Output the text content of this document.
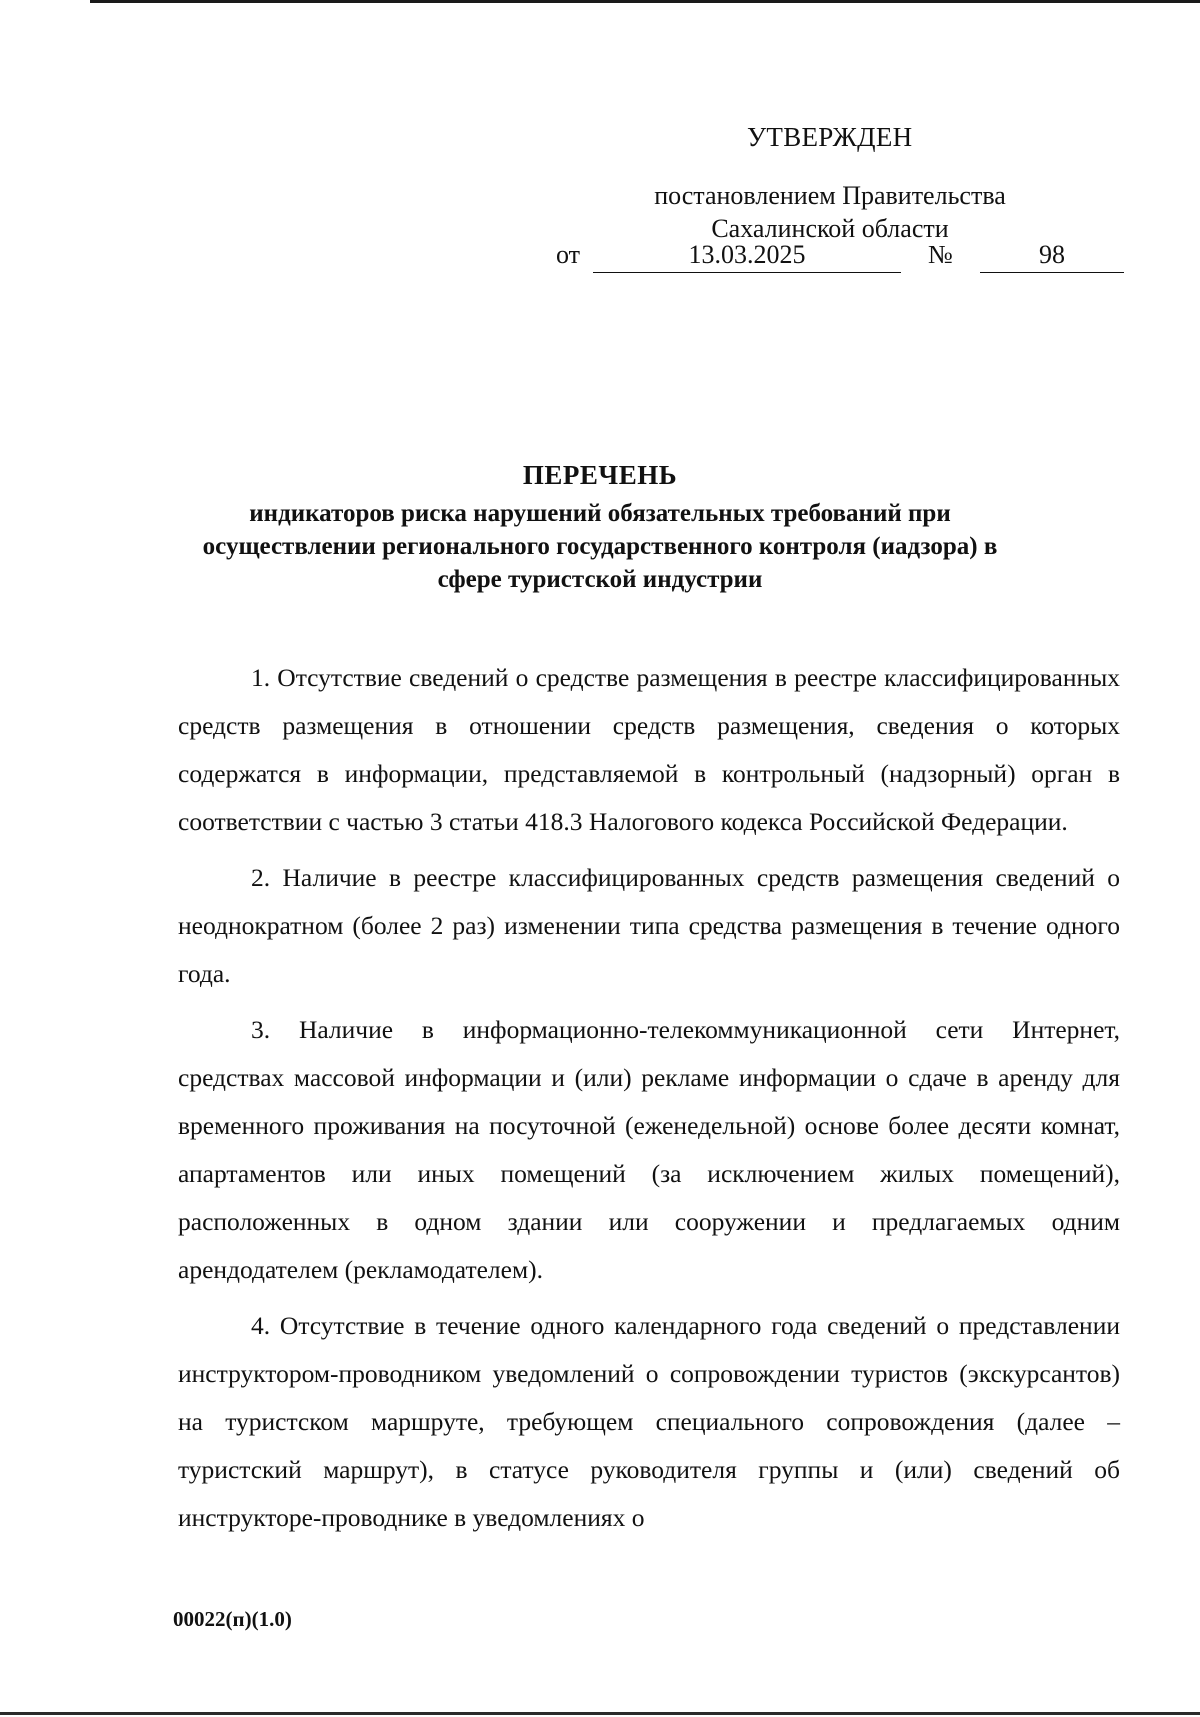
УТВЕРЖДЕН
постановлением Правительства
Сахалинской области
от	13.03.2025	№	98
ПЕРЕЧЕНЬ
индикаторов риска нарушений обязательных требований при осуществлении регионального государственного контроля (иадзора) в сфере туристской индустрии

1. Отсутствие сведений о средстве размещения в реестре классифицированных средств размещения в отношении средств размещения, сведения о которых содержатся в информации, представляемой в контрольный (надзорный) орган в соответствии с частью 3 статьи 418.3 Налогового кодекса Российской Федерации.

2. Наличие в реестре классифицированных средств размещения сведений о неоднократном (более 2 раз) изменении типа средства размещения в течение одного года.

3. Наличие в информационно-телекоммуникационной сети Интернет, средствах массовой информации и (или) рекламе информации о сдаче в аренду для временного проживания на посуточной (еженедельной) основе более десяти комнат, апартаментов или иных помещений (за исключением жилых помещений), расположенных в одном здании или сооружении и предлагаемых одним арендодателем (рекламодателем).

4. Отсутствие в течение одного календарного года сведений о представлении инструктором-проводником уведомлений о сопровождении туристов (экскурсантов) на туристском маршруте, требующем специального сопровождения (далее – туристский маршрут), в статусе руководителя группы и (или) сведений об инструкторе-проводнике в уведомлениях о

00022(п)(1.0)
